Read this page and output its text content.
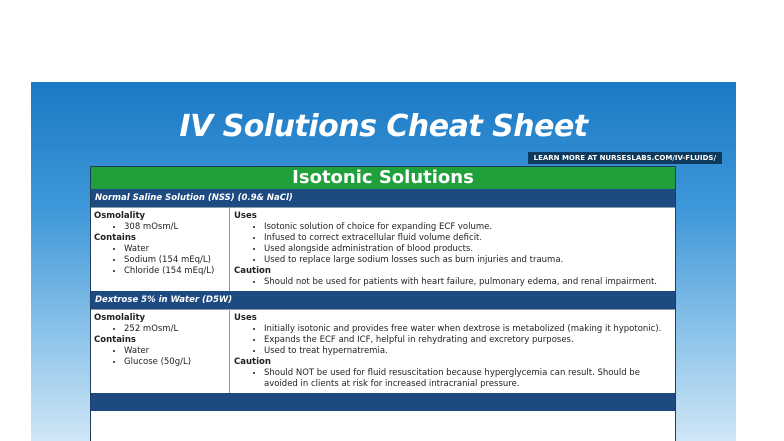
IV Solutions Cheat Sheet
LEARN MORE AT NURSESLABS.COM/IV-FLUIDS/
Isotonic Solutions
Normal Saline Solution (NSS) (0.9& NaCl)
Osmolality
• 308 mOsm/L
Contains
• Water
• Sodium (154 mEq/L)
• Chloride (154 mEq/L)
Uses
• Isotonic solution of choice for expanding ECF volume.
• Infused to correct extracellular fluid volume deficit.
• Used alongside administration of blood products.
• Used to replace large sodium losses such as burn injuries and trauma.
Caution
• Should not be used for patients with heart failure, pulmonary edema, and renal impairment.
Dextrose 5% in Water (D5W)
Osmolality
• 252 mOsm/L
Contains
• Water
• Glucose (50g/L)
Uses
• Initially isotonic and provides free water when dextrose is metabolized (making it hypotonic).
• Expands the ECF and ICF, helpful in rehydrating and excretory purposes.
• Used to treat hypernatremia.
Caution
• Should NOT be used for fluid resuscitation because hyperglycemia can result. Should be avoided in clients at risk for increased intracranial pressure.
